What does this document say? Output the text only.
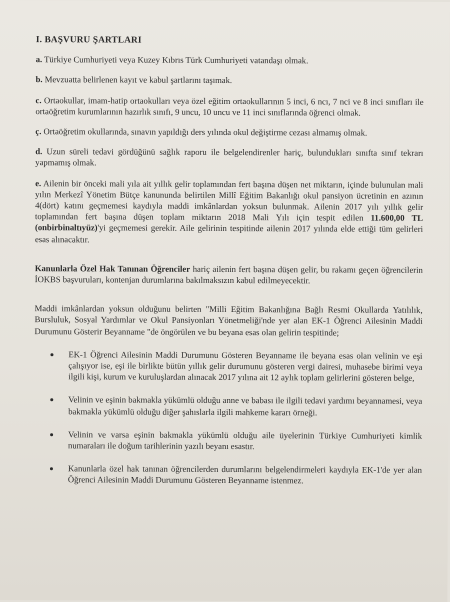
I. BAŞVURU ŞARTLARI

a. Türkiye Cumhuriyeti veya Kuzey Kıbrıs Türk Cumhuriyeti vatandaşı olmak.

b. Mevzuatta belirlenen kayıt ve kabul şartlarını taşımak.

c. Ortaokullar, imam-hatip ortaokulları veya özel eğitim ortaokullarının 5 inci, 6 ncı, 7 nci ve 8 inci sınıfları ile ortaöğretim kurumlarının hazırlık sınıfı, 9 uncu, 10 uncu ve 11 inci sınıflarında öğrenci olmak.

ç. Ortaöğretim okullarında, sınavın yapıldığı ders yılında okul değiştirme cezası almamış olmak.

d. Uzun süreli tedavi gördüğünü sağlık raporu ile belgelendirenler hariç, bulundukları sınıfta sınıf tekrarı yapmamış olmak.

e. Ailenin bir önceki mali yıla ait yıllık gelir toplamından fert başına düşen net miktarın, içinde bulunulan mali yılın Merkezî Yönetim Bütçe kanununda belirtilen Millî Eğitim Bakanlığı okul pansiyon ücretinin en azının 4(dört) katını geçmemesi kaydıyla maddi imkânlardan yoksun bulunmak. Ailenin 2017 yılı yıllık gelir toplamından fert başına düşen toplam miktarın 2018 Mali Yılı için tespit edilen 11.600,00 TL (onbirbinaltıyüz)'yi geçmemesi gerekir. Aile gelirinin tespitinde ailenin 2017 yılında elde ettiği tüm gelirleri esas alınacaktır.

Kanunlarla Özel Hak Tanınan Öğrenciler hariç ailenin fert başına düşen gelir, bu rakamı geçen öğrencilerin İOKBS başvuruları, kontenjan durumlarına bakılmaksızın kabul edilmeyecektir.

Maddi imkânlardan yoksun olduğunu belirten "Milli Eğitim Bakanlığına Bağlı Resmi Okullarda Yatılılık, Bursluluk, Sosyal Yardımlar ve Okul Pansiyonları Yönetmeliği'nde yer alan EK-1 Öğrenci Ailesinin Maddi Durumunu Gösterir Beyanname "de öngörülen ve bu beyana esas olan gelirin tespitinde;

• EK-1 Öğrenci Ailesinin Maddi Durumunu Gösteren Beyanname ile beyana esas olan velinin ve eşi çalışıyor ise, eşi ile birlikte bütün yıllık gelir durumunu gösteren vergi dairesi, muhasebe birimi veya ilgili kişi, kurum ve kuruluşlardan alınacak 2017 yılına ait 12 aylık toplam gelirlerini gösteren belge,
• Velinin ve eşinin bakmakla yükümlü olduğu anne ve babası ile ilgili tedavi yardımı beyannamesi, veya bakmakla yükümlü olduğu diğer şahıslarla ilgili mahkeme kararı örneği.
• Velinin ve varsa eşinin bakmakla yükümlü olduğu aile üyelerinin Türkiye Cumhuriyeti kimlik numaraları ile doğum tarihlerinin yazılı beyanı esastır.
• Kanunlarla özel hak tanınan öğrencilerden durumlarını belgelendirmeleri kaydıyla EK-1'de yer alan Öğrenci Ailesinin Maddi Durumunu Gösteren Beyanname istenmez.
